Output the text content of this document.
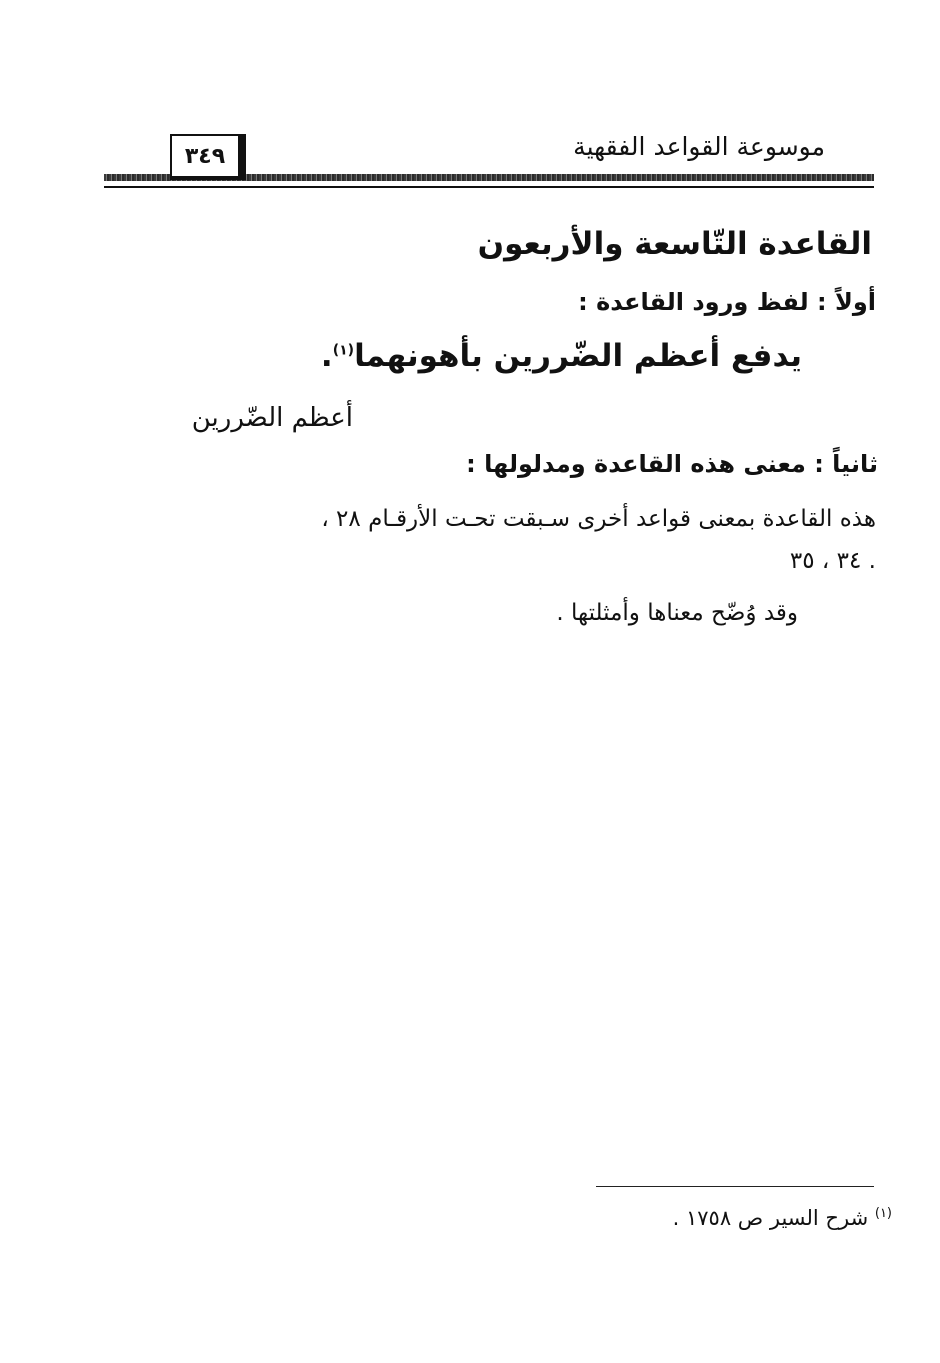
موسوعة القواعد الفقهية
٣٤٩
القاعدة التّاسعة والأربعون
أولاً : لفظ ورود القاعدة :
يدفع أعظم الضّررين بأهونهما$^{(١)}$.
أعظم الضّررين
ثانياً : معنى هذه القاعدة ومدلولها :
هذه القاعدة بمعنى قواعد أخرى سـبقت تحـت الأرقـام ٢٨ ،
٣٤ ، ٣٥ .
وقد وُضّح معناها وأمثلتها .
$^{(١)}$ شرح السير ص ١٧٥٨ .
